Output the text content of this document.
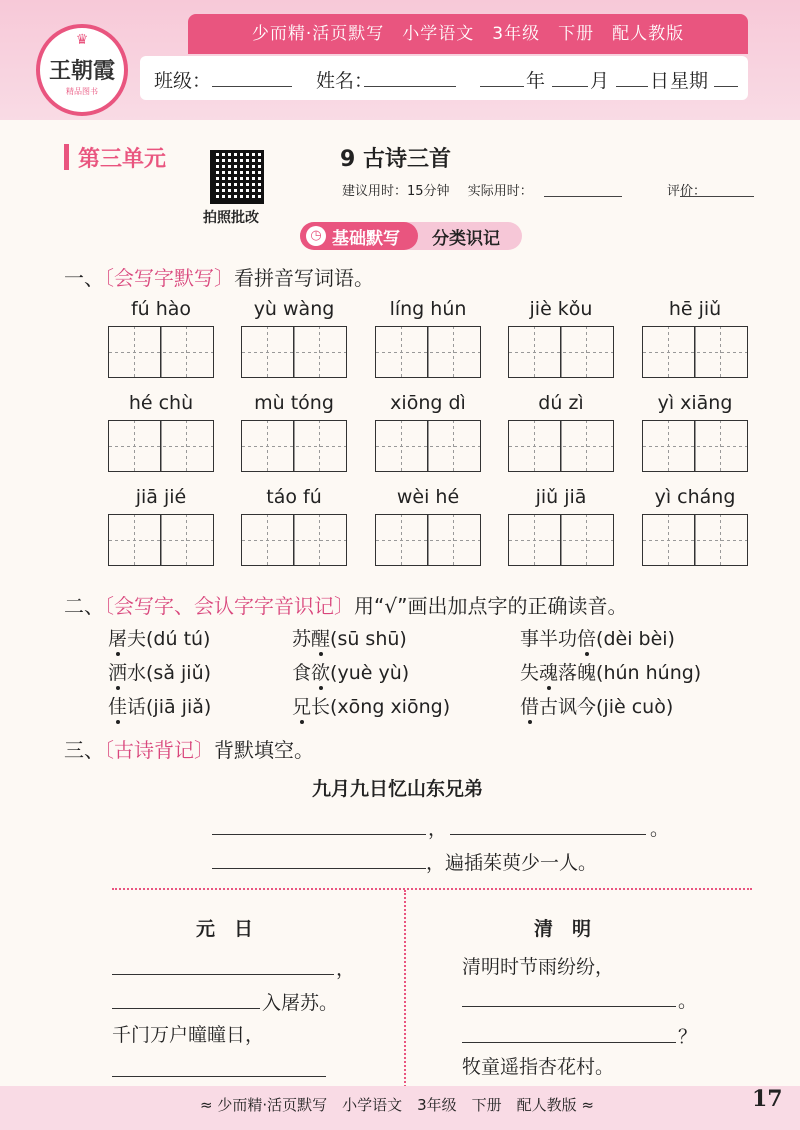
少而精·活页默写　小学语文　3年级　下册　配人教版
班级：	姓名：	年 月 日 星期
♛
王朝霞
精品图书
第三单元
拍照批改
9 古诗三首
建议用时：15分钟 实际用时：	评价：
◷ 基础默写 分类识记
一、〔会写字默写〕看拼音写词语。
fú hào	yù wàng	líng hún	jiè kǒu	hē jiǔ
hé chù	mù tóng	xiōng dì	dú zì	yì xiāng
jiā jié	táo fú	wèi hé	jiǔ jiā	yì cháng
二、〔会写字、会认字字音识记〕用“√”画出加点字的正确读音。
屠夫(dú tú)	苏醒(sū shū)	事半功倍(dèi bèi)
洒水(sǎ jiǔ)	食欲(yuè yù)	失魂落魄(hún húng)
佳话(jiā jiǎ)	兄长(xōng xiōng)	借古讽今(jiè cuò)
三、〔古诗背记〕背默填空。
九月九日忆山东兄弟
，	。
，遍插茱萸少一人。
元　日
，
入屠苏。
千门万户曈曈日，
清　明
清明时节雨纷纷，
。
？
牧童遥指杏花村。
≈ 少而精·活页默写　小学语文　3年级　下册　配人教版 ≈	17
